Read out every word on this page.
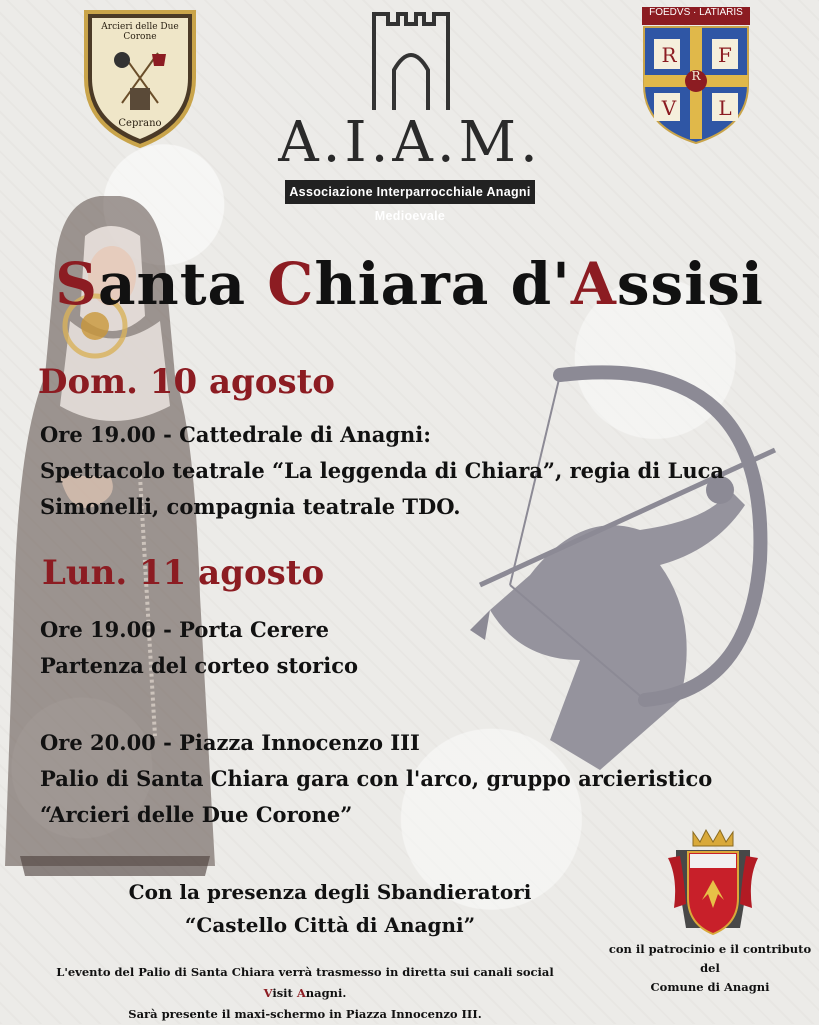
Arcieri delle Due Corone
Ceprano
FOEDVS · LATIARIS
R	F
V	L
R
A.I.A.M.
Associazione Interparrocchiale Anagni Medioevale
Santa Chiara d'Assisi
Dom. 10 agosto
Ore 19.00 - Cattedrale di Anagni:
Spettacolo teatrale “La leggenda di Chiara”, regia di Luca
Simonelli, compagnia teatrale TDO.
Lun. 11 agosto
Ore 19.00 - Porta Cerere
Partenza del corteo storico
Ore 20.00 - Piazza Innocenzo III
Palio di Santa Chiara gara con l'arco, gruppo arcieristico
“Arcieri delle Due Corone”
Con la presenza degli Sbandieratori
“Castello Città di Anagni”
L'evento del Palio di Santa Chiara verrà trasmesso in diretta sui canali social
Visit Anagni.
Sarà presente il maxi-schermo in Piazza Innocenzo III.
con il patrocinio e il contributo
del
Comune di Anagni
